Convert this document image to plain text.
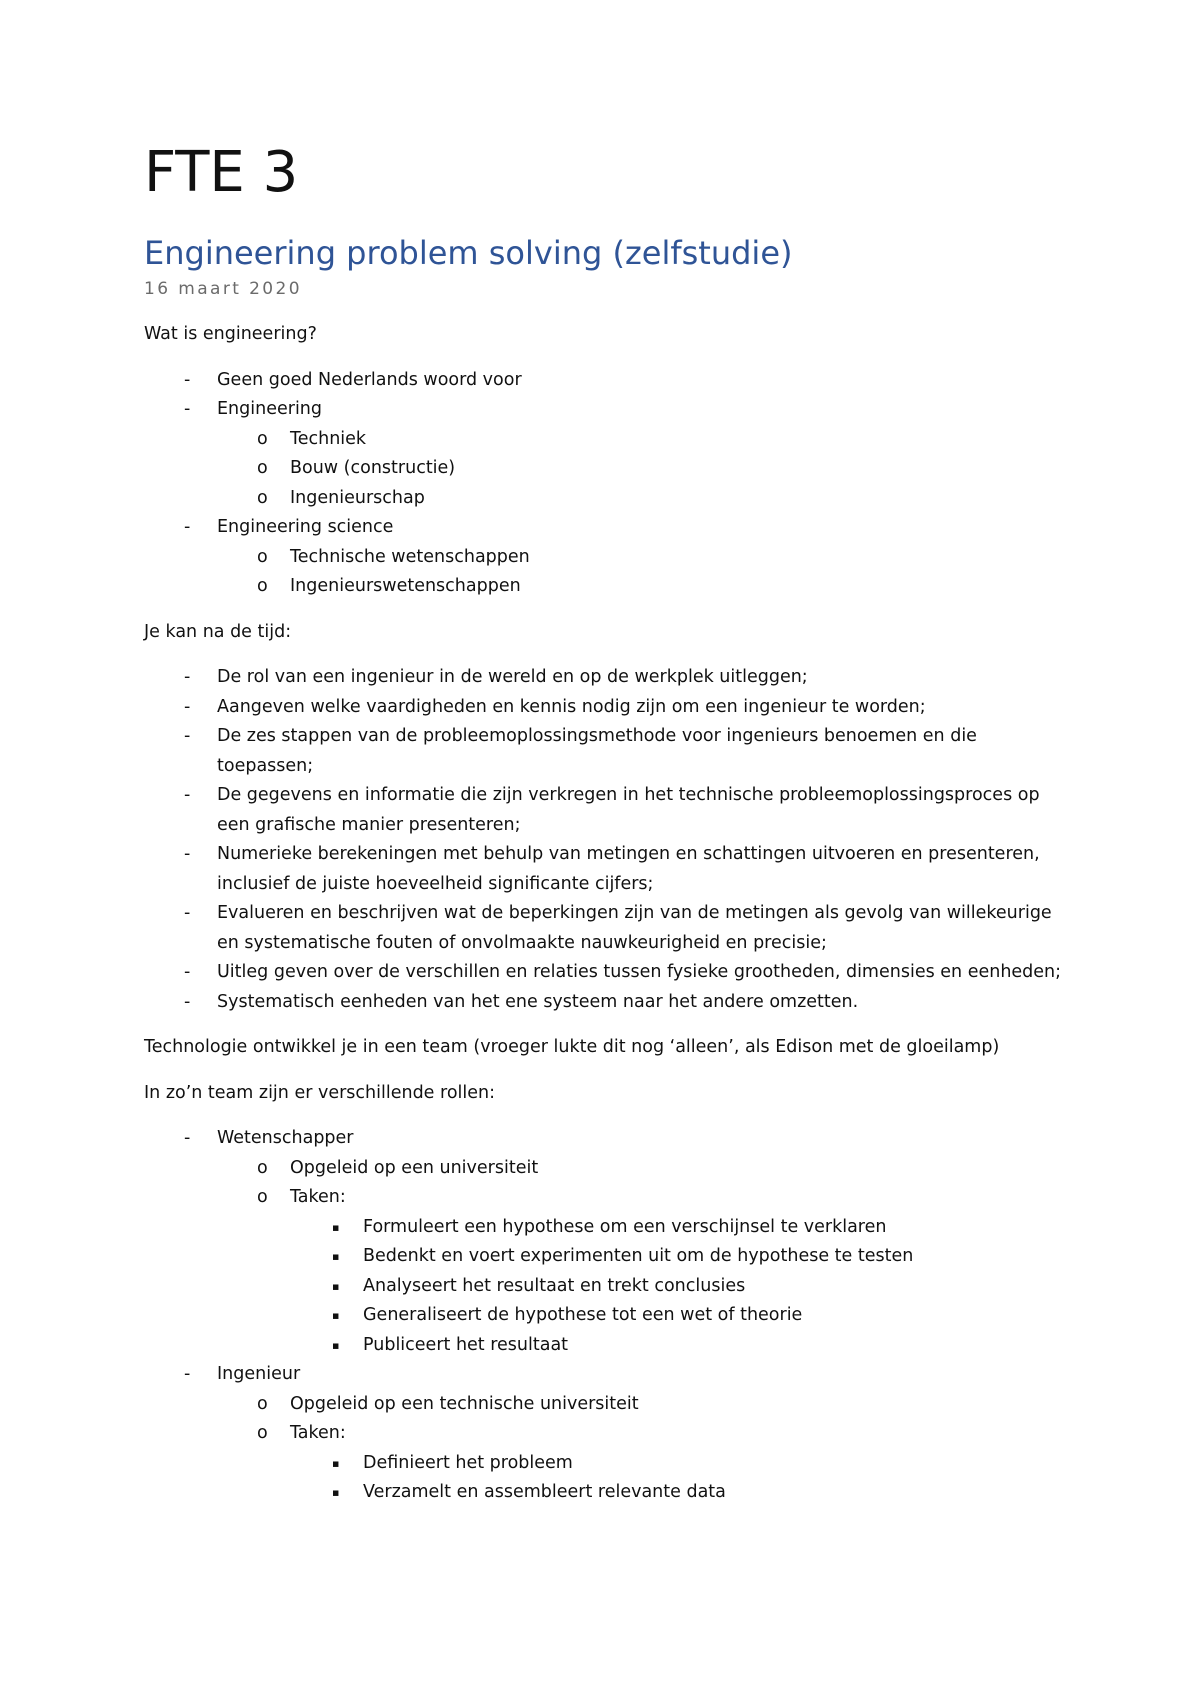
FTE 3
Engineering problem solving (zelfstudie)
16 maart 2020

Wat is engineering?

- Geen goed Nederlands woord voor
- Engineering
o Techniek
o Bouw (constructie)
o Ingenieurschap
- Engineering science
o Technische wetenschappen
o Ingenieurswetenschappen

Je kan na de tijd:

- De rol van een ingenieur in de wereld en op de werkplek uitleggen;
- Aangeven welke vaardigheden en kennis nodig zijn om een ingenieur te worden;
- De zes stappen van de probleemoplossingsmethode voor ingenieurs benoemen en die toepassen;
- De gegevens en informatie die zijn verkregen in het technische probleemoplossingsproces op een grafische manier presenteren;
- Numerieke berekeningen met behulp van metingen en schattingen uitvoeren en presenteren, inclusief de juiste hoeveelheid significante cijfers;
- Evalueren en beschrijven wat de beperkingen zijn van de metingen als gevolg van willekeurige en systematische fouten of onvolmaakte nauwkeurigheid en precisie;
- Uitleg geven over de verschillen en relaties tussen fysieke grootheden, dimensies en eenheden;
- Systematisch eenheden van het ene systeem naar het andere omzetten.

Technologie ontwikkel je in een team (vroeger lukte dit nog ‘alleen’, als Edison met de gloeilamp)

In zo’n team zijn er verschillende rollen:

- Wetenschapper
o Opgeleid op een universiteit
o Taken:
▪ Formuleert een hypothese om een verschijnsel te verklaren
▪ Bedenkt en voert experimenten uit om de hypothese te testen
▪ Analyseert het resultaat en trekt conclusies
▪ Generaliseert de hypothese tot een wet of theorie
▪ Publiceert het resultaat
- Ingenieur
o Opgeleid op een technische universiteit
o Taken:
▪ Definieert het probleem
▪ Verzamelt en assembleert relevante data
